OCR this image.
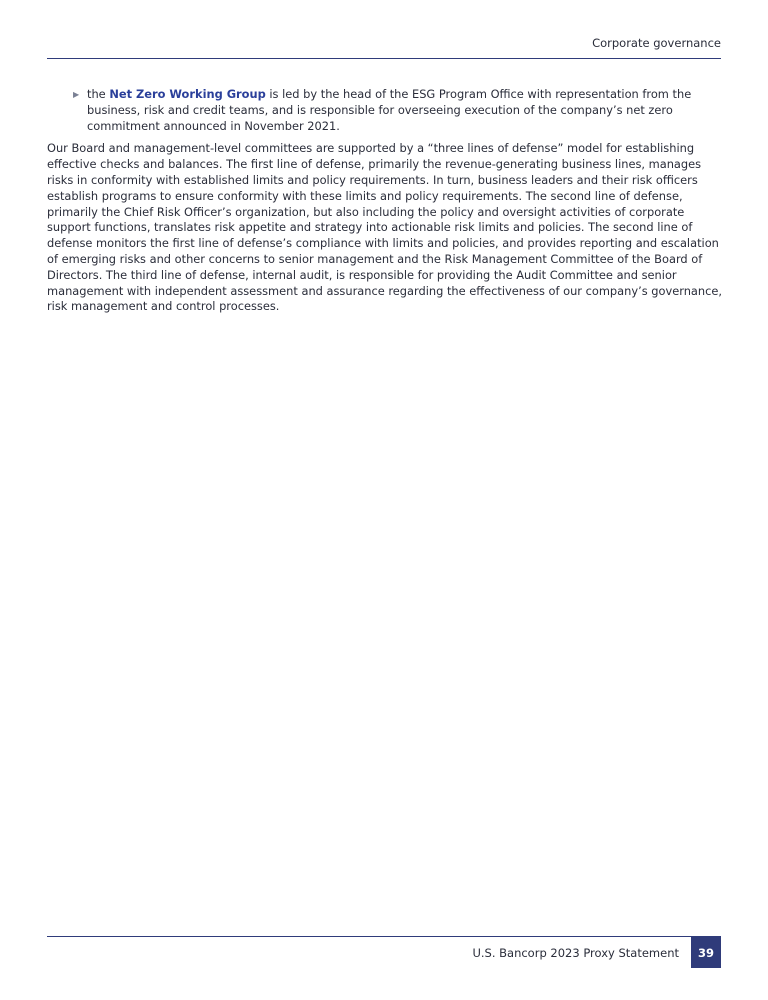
Corporate governance

▶ the Net Zero Working Group is led by the head of the ESG Program Office with representation from the business, risk and credit teams, and is responsible for overseeing execution of the company’s net zero commitment announced in November 2021.

Our Board and management-level committees are supported by a “three lines of defense” model for establishing effective checks and balances. The first line of defense, primarily the revenue-generating business lines, manages risks in conformity with established limits and policy requirements. In turn, business leaders and their risk officers establish programs to ensure conformity with these limits and policy requirements. The second line of defense, primarily the Chief Risk Officer’s organization, but also including the policy and oversight activities of corporate support functions, translates risk appetite and strategy into actionable risk limits and policies. The second line of defense monitors the first line of defense’s compliance with limits and policies, and provides reporting and escalation of emerging risks and other concerns to senior management and the Risk Management Committee of the Board of Directors. The third line of defense, internal audit, is responsible for providing the Audit Committee and senior management with independent assessment and assurance regarding the effectiveness of our company’s governance, risk management and control processes.

U.S. Bancorp 2023 Proxy Statement	39
